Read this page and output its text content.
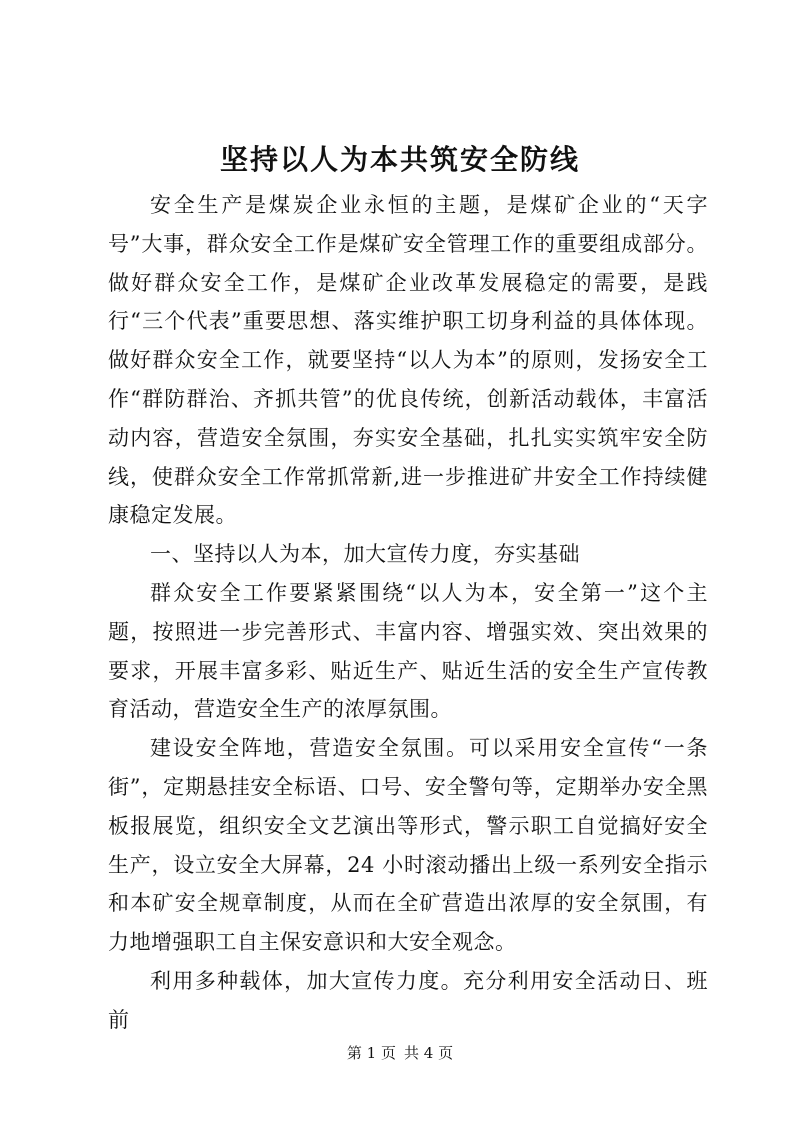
坚持以人为本共筑安全防线

安全生产是煤炭企业永恒的主题，是煤矿企业的“天字号”大事，群众安全工作是煤矿安全管理工作的重要组成部分。做好群众安全工作，是煤矿企业改革发展稳定的需要，是践行“三个代表”重要思想、落实维护职工切身利益的具体体现。做好群众安全工作，就要坚持“以人为本”的原则，发扬安全工作“群防群治、齐抓共管”的优良传统，创新活动载体，丰富活动内容，营造安全氛围，夯实安全基础，扎扎实实筑牢安全防线，使群众安全工作常抓常新,进一步推进矿井安全工作持续健康稳定发展。

一、坚持以人为本，加大宣传力度，夯实基础

群众安全工作要紧紧围绕“以人为本，安全第一”这个主题，按照进一步完善形式、丰富内容、增强实效、突出效果的要求，开展丰富多彩、贴近生产、贴近生活的安全生产宣传教育活动，营造安全生产的浓厚氛围。

建设安全阵地，营造安全氛围。可以采用安全宣传“一条街”，定期悬挂安全标语、口号、安全警句等，定期举办安全黑板报展览，组织安全文艺演出等形式，警示职工自觉搞好安全生产，设立安全大屏幕，24 小时滚动播出上级一系列安全指示和本矿安全规章制度，从而在全矿营造出浓厚的安全氛围，有力地增强职工自主保安意识和大安全观念。

利用多种载体，加大宣传力度。充分利用安全活动日、班前

第 1 页 共 4 页
